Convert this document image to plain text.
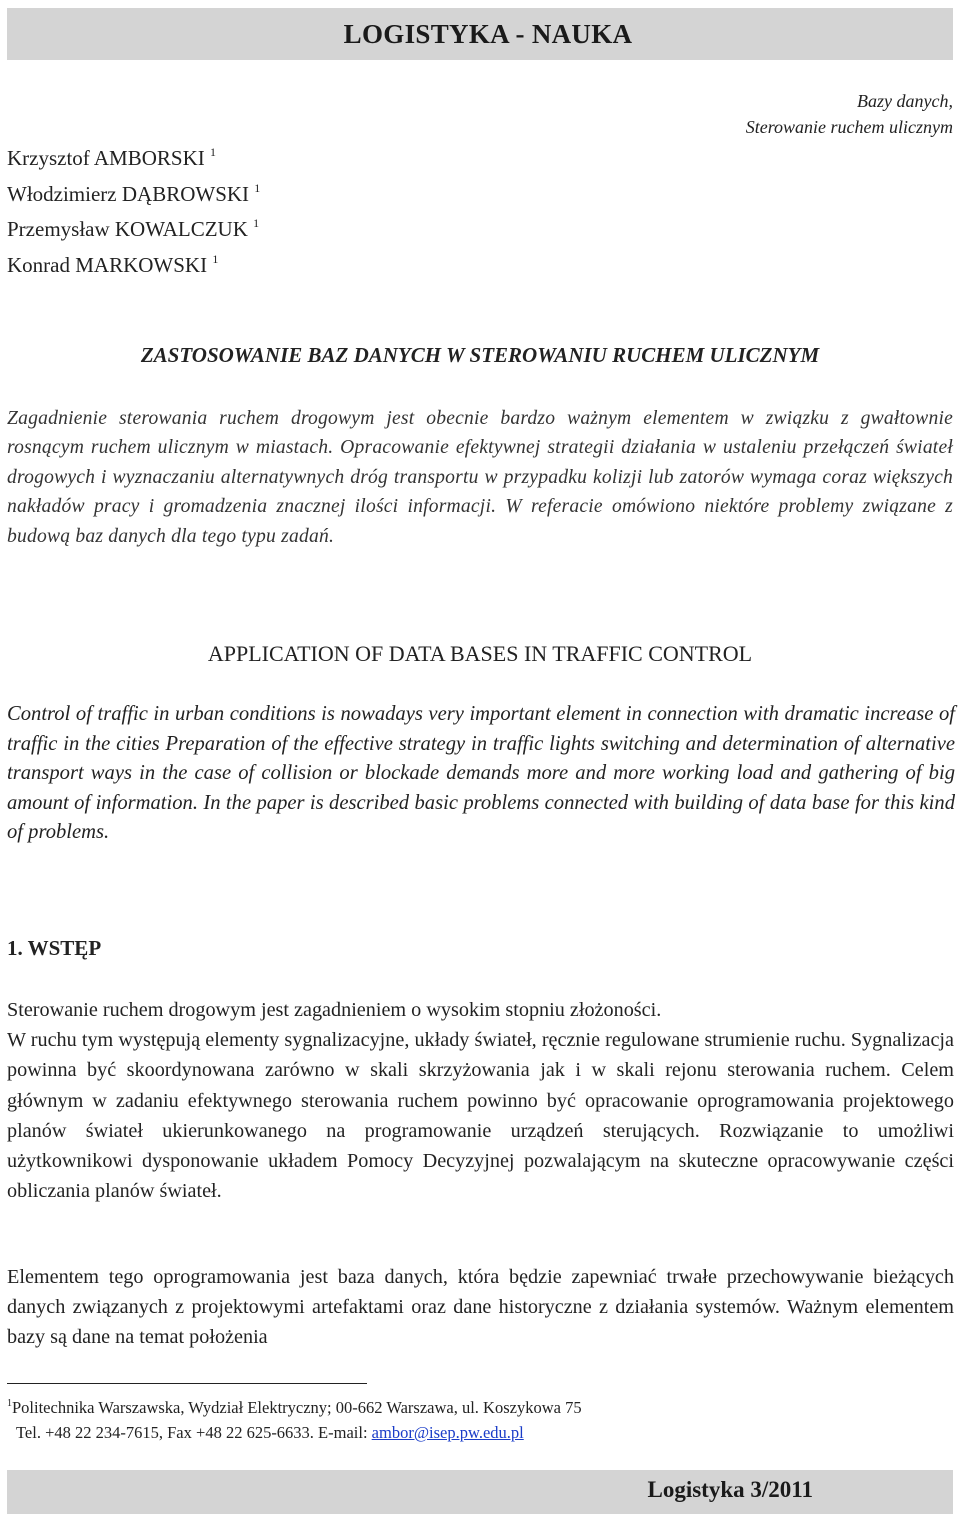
LOGISTYKA - NAUKA
Bazy danych,
Sterowanie ruchem ulicznym
Krzysztof AMBORSKI $^1$
Włodzimierz DĄBROWSKI $^1$
Przemysław KOWALCZUK $^1$
Konrad MARKOWSKI $^1$
ZASTOSOWANIE BAZ DANYCH W STEROWANIU RUCHEM ULICZNYM
Zagadnienie sterowania ruchem drogowym jest obecnie bardzo ważnym elementem w związku z gwałtownie rosnącym ruchem ulicznym w miastach. Opracowanie efektywnej strategii działania w ustaleniu przełączeń świateł drogowych i wyznaczaniu alternatywnych dróg transportu w przypadku kolizji lub zatorów wymaga coraz większych nakładów pracy i gromadzenia znacznej ilości informacji. W referacie omówiono niektóre problemy związane z budową baz danych dla tego typu zadań.
APPLICATION OF DATA BASES IN TRAFFIC CONTROL
Control of traffic in urban conditions is nowadays very important element in connection with dramatic increase of traffic in the cities Preparation of the effective strategy in traffic lights switching and determination of alternative transport ways in the case of collision or blockade demands more and more working load and gathering of big amount of information. In the paper is described basic problems connected with building of data base for this kind of problems.
1. WSTĘP
Sterowanie ruchem drogowym jest zagadnieniem o wysokim stopniu złożoności.
W ruchu tym występują elementy sygnalizacyjne, układy świateł, ręcznie regulowane strumienie ruchu. Sygnalizacja powinna być skoordynowana zarówno w skali skrzyżowania jak i w skali rejonu sterowania ruchem. Celem głównym w zadaniu efektywnego sterowania ruchem powinno być opracowanie oprogramowania projektowego planów świateł ukierunkowanego na programowanie urządzeń sterujących. Rozwiązanie to umożliwi użytkownikowi dysponowanie układem Pomocy Decyzyjnej pozwalającym na skuteczne opracowywanie części obliczania planów świateł.
Elementem tego oprogramowania jest baza danych, która będzie zapewniać trwałe przechowywanie bieżących danych związanych z projektowymi artefaktami oraz dane historyczne z działania systemów. Ważnym elementem bazy są dane na temat położenia
$^1$Politechnika Warszawska, Wydział Elektryczny; 00-662 Warszawa, ul. Koszykowa 75
Tel. +48 22 234-7615, Fax +48 22 625-6633. E-mail: ambor@isep.pw.edu.pl
Logistyka 3/2011
